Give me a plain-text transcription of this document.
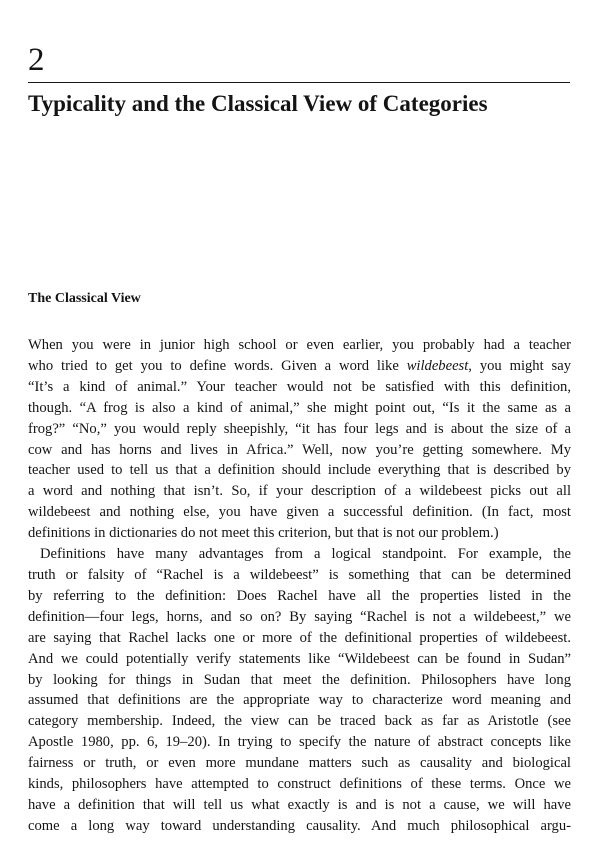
2
Typicality and the Classical View of Categories
The Classical View

When you were in junior high school or even earlier, you probably had a teacher

who tried to get you to define words. Given a word like wildebeest, you might say

“It’s a kind of animal.” Your teacher would not be satisfied with this definition,

though. “A frog is also a kind of animal,” she might point out, “Is it the same as a

frog?” “No,” you would reply sheepishly, “it has four legs and is about the size of a

cow and has horns and lives in Africa.” Well, now you’re getting somewhere. My

teacher used to tell us that a definition should include everything that is described by

a word and nothing that isn’t. So, if your description of a wildebeest picks out all

wildebeest and nothing else, you have given a successful definition. (In fact, most

definitions in dictionaries do not meet this criterion, but that is not our problem.)

Definitions have many advantages from a logical standpoint. For example, the

truth or falsity of “Rachel is a wildebeest” is something that can be determined

by referring to the definition: Does Rachel have all the properties listed in the

definition—four legs, horns, and so on? By saying “Rachel is not a wildebeest,” we

are saying that Rachel lacks one or more of the definitional properties of wildebeest.

And we could potentially verify statements like “Wildebeest can be found in Sudan”

by looking for things in Sudan that meet the definition. Philosophers have long

assumed that definitions are the appropriate way to characterize word meaning and

category membership. Indeed, the view can be traced back as far as Aristotle (see

Apostle 1980, pp. 6, 19–20). In trying to specify the nature of abstract concepts like

fairness or truth, or even more mundane matters such as causality and biological

kinds, philosophers have attempted to construct definitions of these terms. Once we

have a definition that will tell us what exactly is and is not a cause, we will have

come a long way toward understanding causality. And much philosophical argu-
